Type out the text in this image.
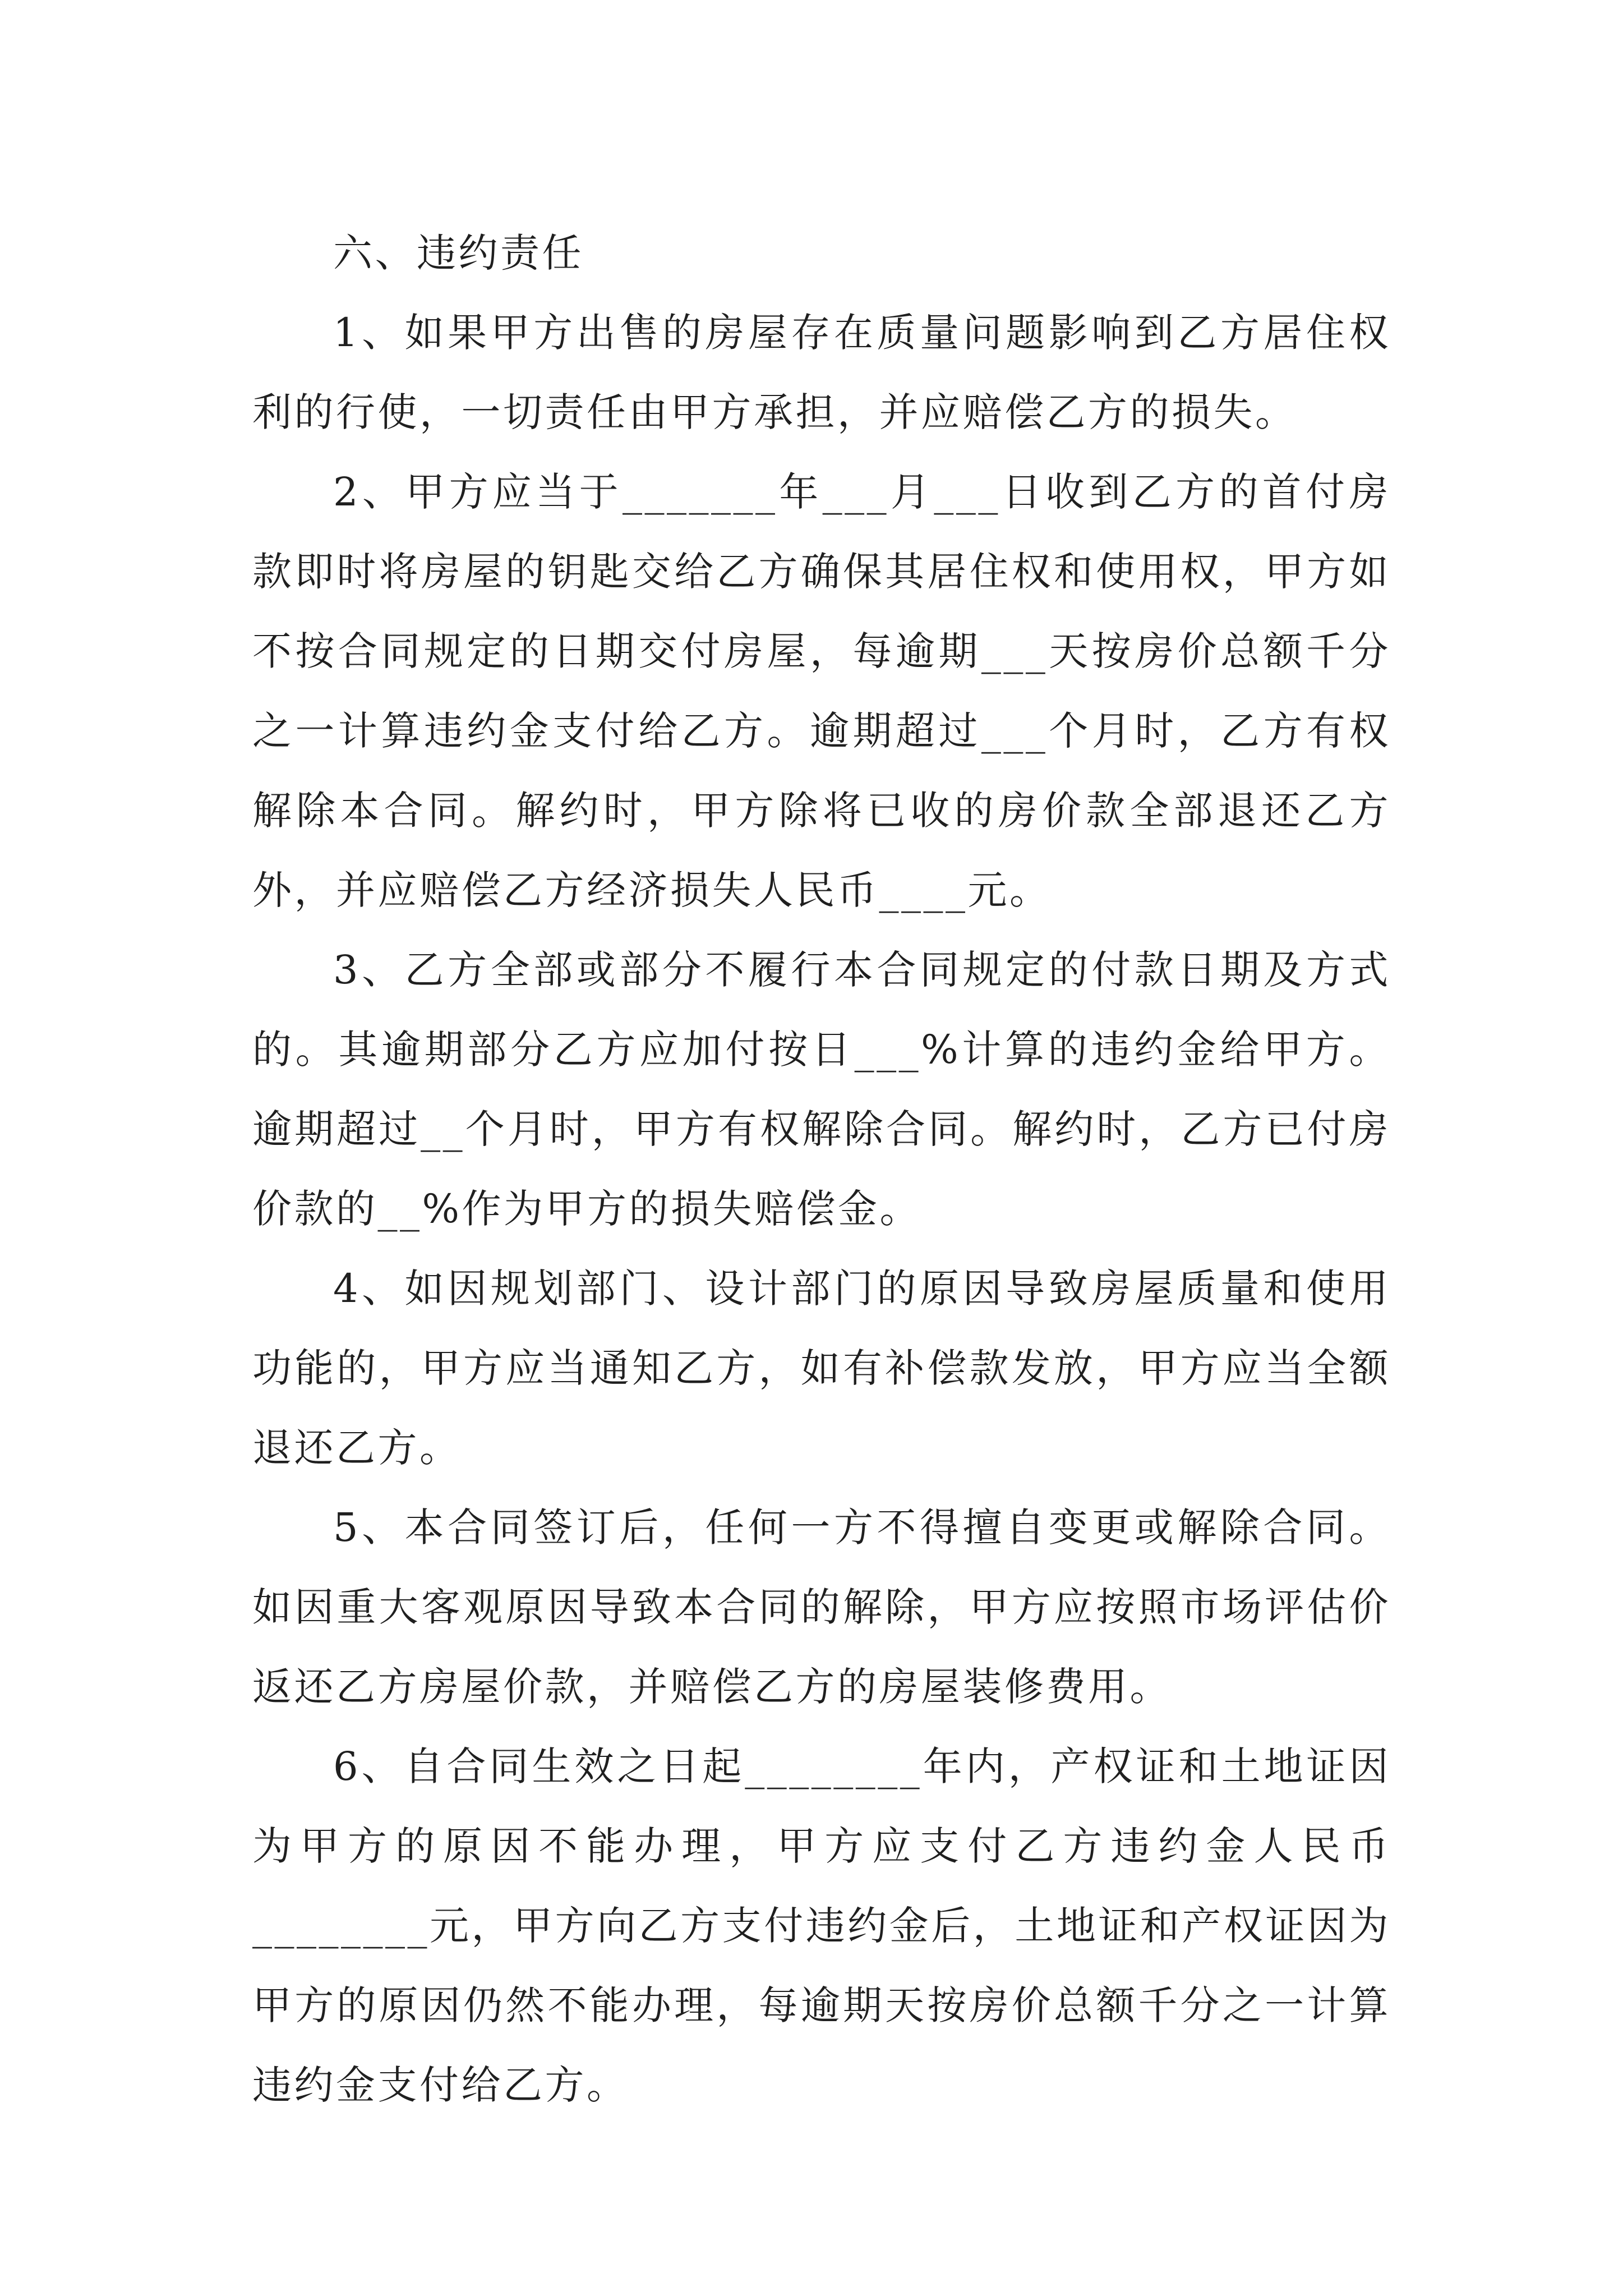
六、违约责任

1、如果甲方出售的房屋存在质量问题影响到乙方居住权利的行使，一切责任由甲方承担，并应赔偿乙方的损失。

2、甲方应当于_______年___月___日收到乙方的首付房款即时将房屋的钥匙交给乙方确保其居住权和使用权，甲方如不按合同规定的日期交付房屋，每逾期___天按房价总额千分之一计算违约金支付给乙方。逾期超过___个月时，乙方有权解除本合同。解约时，甲方除将已收的房价款全部退还乙方外，并应赔偿乙方经济损失人民币____元。

3、乙方全部或部分不履行本合同规定的付款日期及方式的。其逾期部分乙方应加付按日___%计算的违约金给甲方。逾期超过__个月时，甲方有权解除合同。解约时，乙方已付房价款的__%作为甲方的损失赔偿金。

4、如因规划部门、设计部门的原因导致房屋质量和使用功能的，甲方应当通知乙方，如有补偿款发放，甲方应当全额退还乙方。

5、本合同签订后，任何一方不得擅自变更或解除合同。如因重大客观原因导致本合同的解除，甲方应按照市场评估价返还乙方房屋价款，并赔偿乙方的房屋装修费用。

6、自合同生效之日起________年内，产权证和土地证因为甲方的原因不能办理，甲方应支付乙方违约金人民币________元，甲方向乙方支付违约金后，土地证和产权证因为甲方的原因仍然不能办理，每逾期天按房价总额千分之一计算违约金支付给乙方。
